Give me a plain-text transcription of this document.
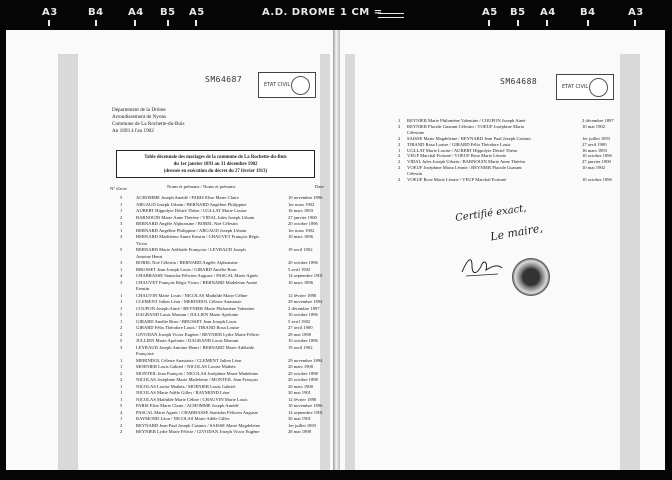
A3	B4 A4 B5 A5	A.D. DROME 1 CM =	A5 B5 A4 B4	A3
SM64687
ETAT CIVIL
Département de la Drôme
Arrondissement de Nyons
Commune de La Rochette-du-Buis
An 1893 à l'an 1902
Table décennale des mariages de la commune de La Rochette-du-Buis
du 1er janvier 1893 au 31 décembre 1902
(dressée en exécution du décret du 27 février 1913)
N° d'acte	Noms et prénoms / Noms et prénoms	Date
5	ACHOMME Joseph Amédé / PARIS Elise Marie Claire	10 novembre 1896
1	ARGAUD Joseph Urbain / BERNARD Angéline Philippine	1er mars 1902
1	AUBERT Hippolyte Désiré Théon / UGLLAT Marie Louise	16 mars 1893
2	BARNOUIN Marie Anne Thérèse / VIDAL Jules Joseph Urbain	27 janvier 1900
3	BERNARD Angèle Alphonsine / BOREL Noé Célestin	20 octobre 1896
1	BERNARD Angéline Philippine / ARGAUD Joseph Urbain	1er mars 1902
3	BERNARD Madeleine Annie Ernstin / CHAUVET François Régis	10 mars 1896
Victor
5	BERNARD Marie Adélaïde Françoise / LEYRAUD Joseph	19 avril 1902
Antoine Henri
3	BOREL Noé Célestin / BERNARD Angèle Alphonsine	20 octobre 1896
1	BRUSSET Jean Joseph Louis / GIRARD Amélie Rose	5 avril 1902
4	CHARRASSE Stanislas Félicien Auguste / PASCAL Marie Agnès	14 septembre 1901
3	CHAUVET François Régis Victor / BERNARD Madeleine Annie	10 mars 1896
Ernstin
1	CHAUVIN Marie Louis / NICOLAS Mathilde Marie Céline	12 février 1898
1	CLEMENT Julien Léon / MERINDOL Céleste Anastasie	29 novembre 1894
1	COUPON Joseph Aimé / REYNIER Marie Philomène Valentine	2 décembre 1897
5	DAGRAND Louis Mariam / JULLIEN Marie Apolonie	10 octobre 1896
1	GIRARD Amélie Rose / BRUSSET Jean Joseph Louis	5 avril 1902
2	GIRARD Félix Théodore Louis / TIRAND Rosa Louise	27 avril 1900
2	GIVODAN Joseph Victor Eugène / REYNIER Lydie Marie Félicie	28 mai 1898
5	JULLIEN Marie Apolonie / DAGRAND Louis Mariam	10 octobre 1896
3	LEYRAUD Joseph Antoine Henri / BERNARD Marie Adélaïde	19 avril 1902
Françoise
1	MERINDOL Céleste Anastasie / CLEMENT Julien Léon	29 novembre 1894
1	MOENIER Louis Gabriel / NICOLAS Louise Mathéa	20 mars 1900
2	MONTEIL Jean François / NICOLAS Joséphine Marie Madeleine	20 octobre 1898
2	NICOLAS Joséphine Marie Madeleine / MONTEIL Jean François	20 octobre 1898
1	NICOLAS Louise Mathéa / MOENIER Louis Gabriel	20 mars 1900
1	NICOLAS Marie Adèle Gilles / RAYMOND Léon	30 mai 1901
1	NICOLAS Mathilde Marie Céline / CHAUVIN Marie Louis	12 février 1898
5	PARIS Elise Marie Claire / ACHOMME Joseph Amédé	10 novembre 1896
4	PASCAL Marie Agnès / CHARRASSE Stanislas Félicien Auguste	14 septembre 1901
1	RAYMOND Léon / NICOLAS Marie Adèle Gilles	30 mai 1901
2	REYNARD Jean Paul Joseph Casimir / SAISSE Marie Magdeleine	1er juillet 1893
2	REYNIER Lydie Marie Félicie / GIVODAN Joseph Victor Eugène	28 mai 1898
SM64688
ETAT CIVIL
1 REYNIER Marie Philomène Valentine / COUPON Joseph Aimé	2 décembre 1897
2 REYNIER Placide Guarant Célestin / VOEUF Joséphine Maria	10 mai 1902
Célestine
2 SAISSE Marie Magdeleine / REYNARD Jean Paul Joseph Casimir	1er juillet 1893
2 TIRAND Rosa Louise / GIRARD Félix Théodore Louis	27 avril 1900
1 UGLLAT Marie Louise / AUBERT Hippolyte Désiré Théon	16 mars 1893
2 VEUF Marchal Fortuné / VOEUF Rose Marie Léonie	10 octobre 1896
2 VIDAL Jules Joseph Urbain / BARNOUIN Marie Anne Thérèse	27 janvier 1900
2 VOEUF Joséphine Maria Léonie / REYNIER Placide Guarant	10 mai 1902
Célestin
2 VOEUF Rose Marie Léonie / VEUF Marchal Fortuné	10 octobre 1896
Certifié exact,
Le maire,
